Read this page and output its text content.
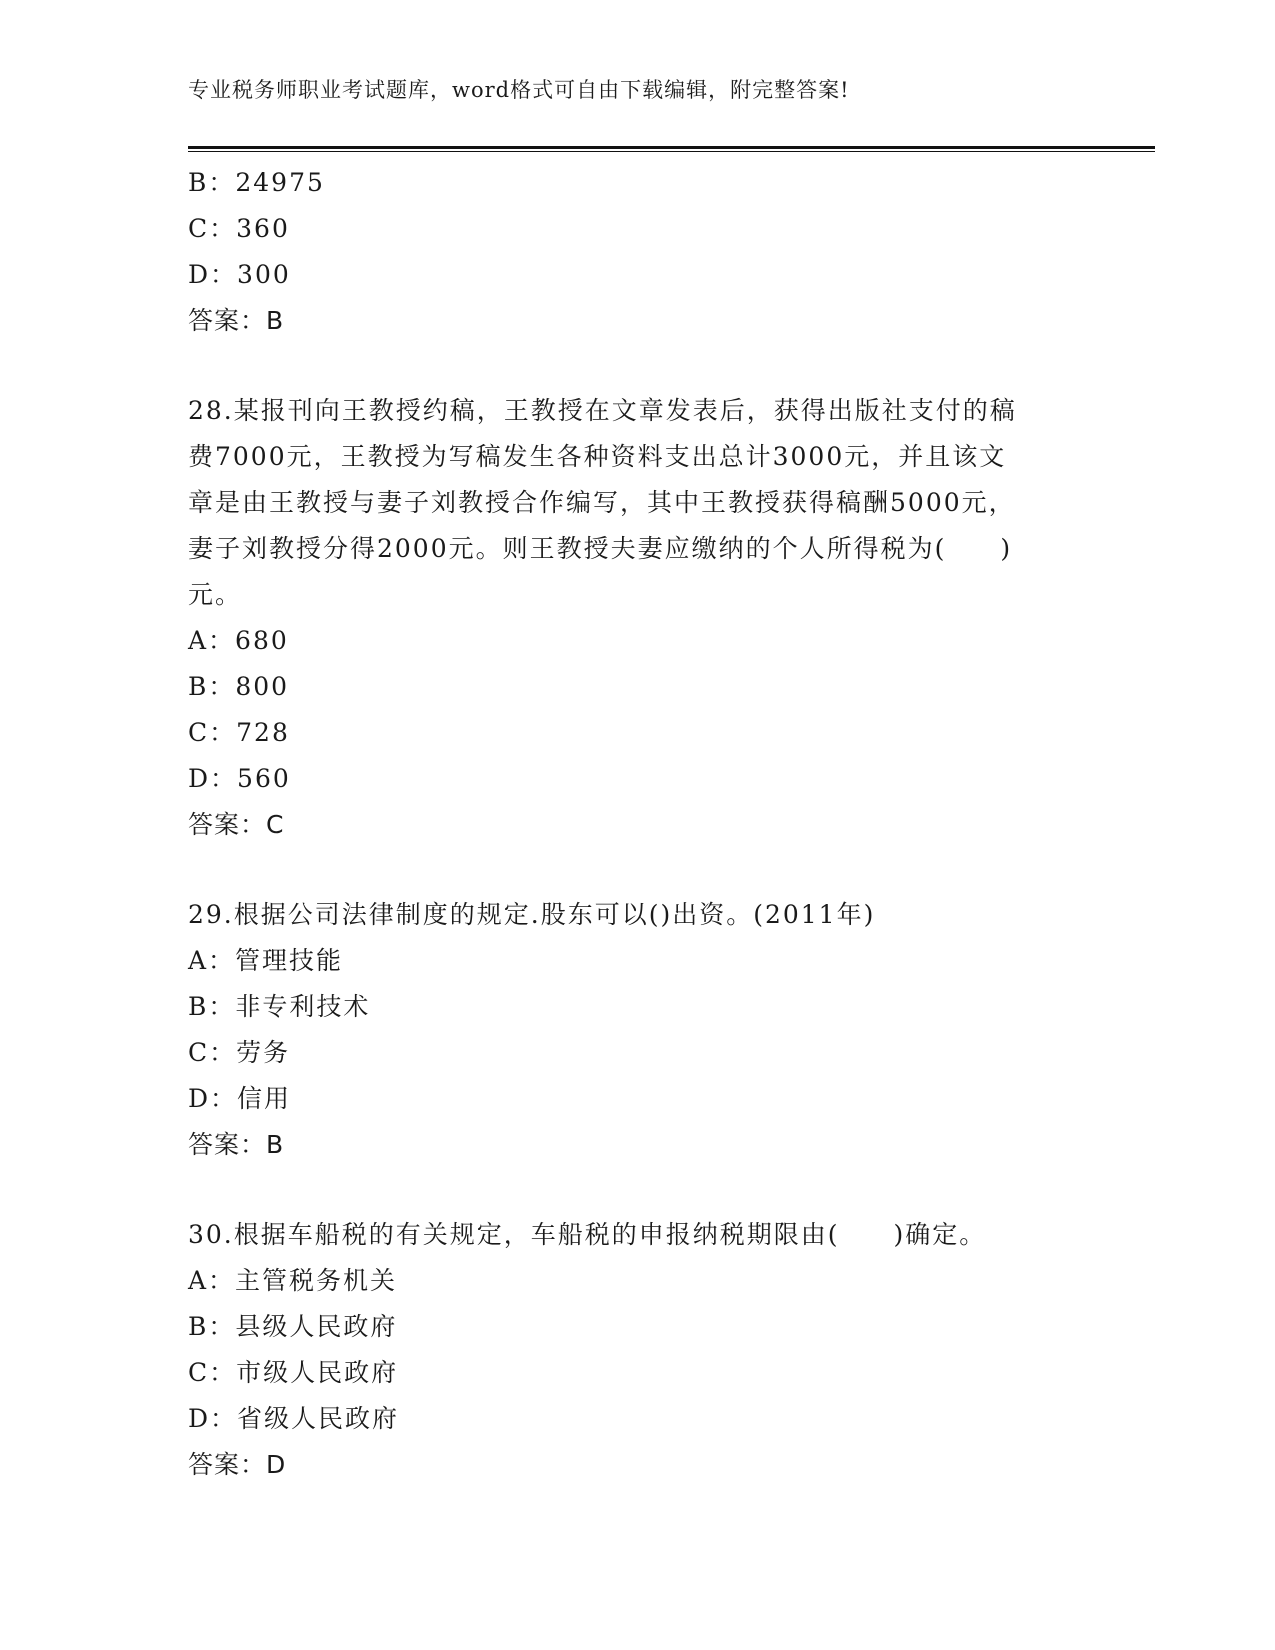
专业税务师职业考试题库，word格式可自由下载编辑，附完整答案!
B：24975
C：360
D：300
答案：B
28.某报刊向王教授约稿，王教授在文章发表后，获得出版社支付的稿
费7000元，王教授为写稿发生各种资料支出总计3000元，并且该文
章是由王教授与妻子刘教授合作编写，其中王教授获得稿酬5000元，
妻子刘教授分得2000元。则王教授夫妻应缴纳的个人所得税为(　　)
元。
A：680
B：800
C：728
D：560
答案：C
29.根据公司法律制度的规定.股东可以()出资。(2011年)
A：管理技能
B：非专利技术
C：劳务
D：信用
答案：B
30.根据车船税的有关规定，车船税的申报纳税期限由(　　)确定。
A：主管税务机关
B：县级人民政府
C：市级人民政府
D：省级人民政府
答案：D
